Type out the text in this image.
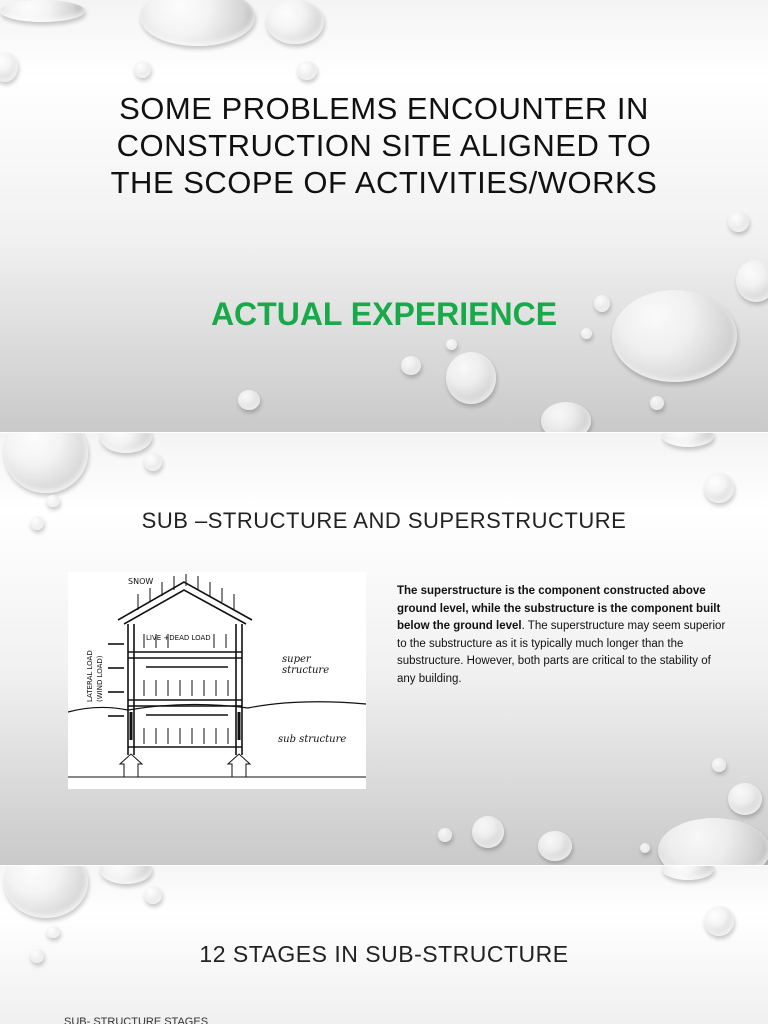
SOME PROBLEMS ENCOUNTER IN CONSTRUCTION SITE ALIGNED TO THE SCOPE OF ACTIVITIES/WORKS
ACTUAL EXPERIENCE
SUB –STRUCTURE AND SUPERSTRUCTURE
SNOW
LIVE +DEAD LOAD
LATERAL LOAD (WIND LOAD)	super
structure
sub structure
The superstructure is the component constructed above ground level, while the substructure is the component built below the ground level. The superstructure may seem superior to the substructure as it is typically much longer than the substructure. However, both parts are critical to the stability of any building.
12 STAGES IN SUB-STRUCTURE
SUB- STRUCTURE STAGES
